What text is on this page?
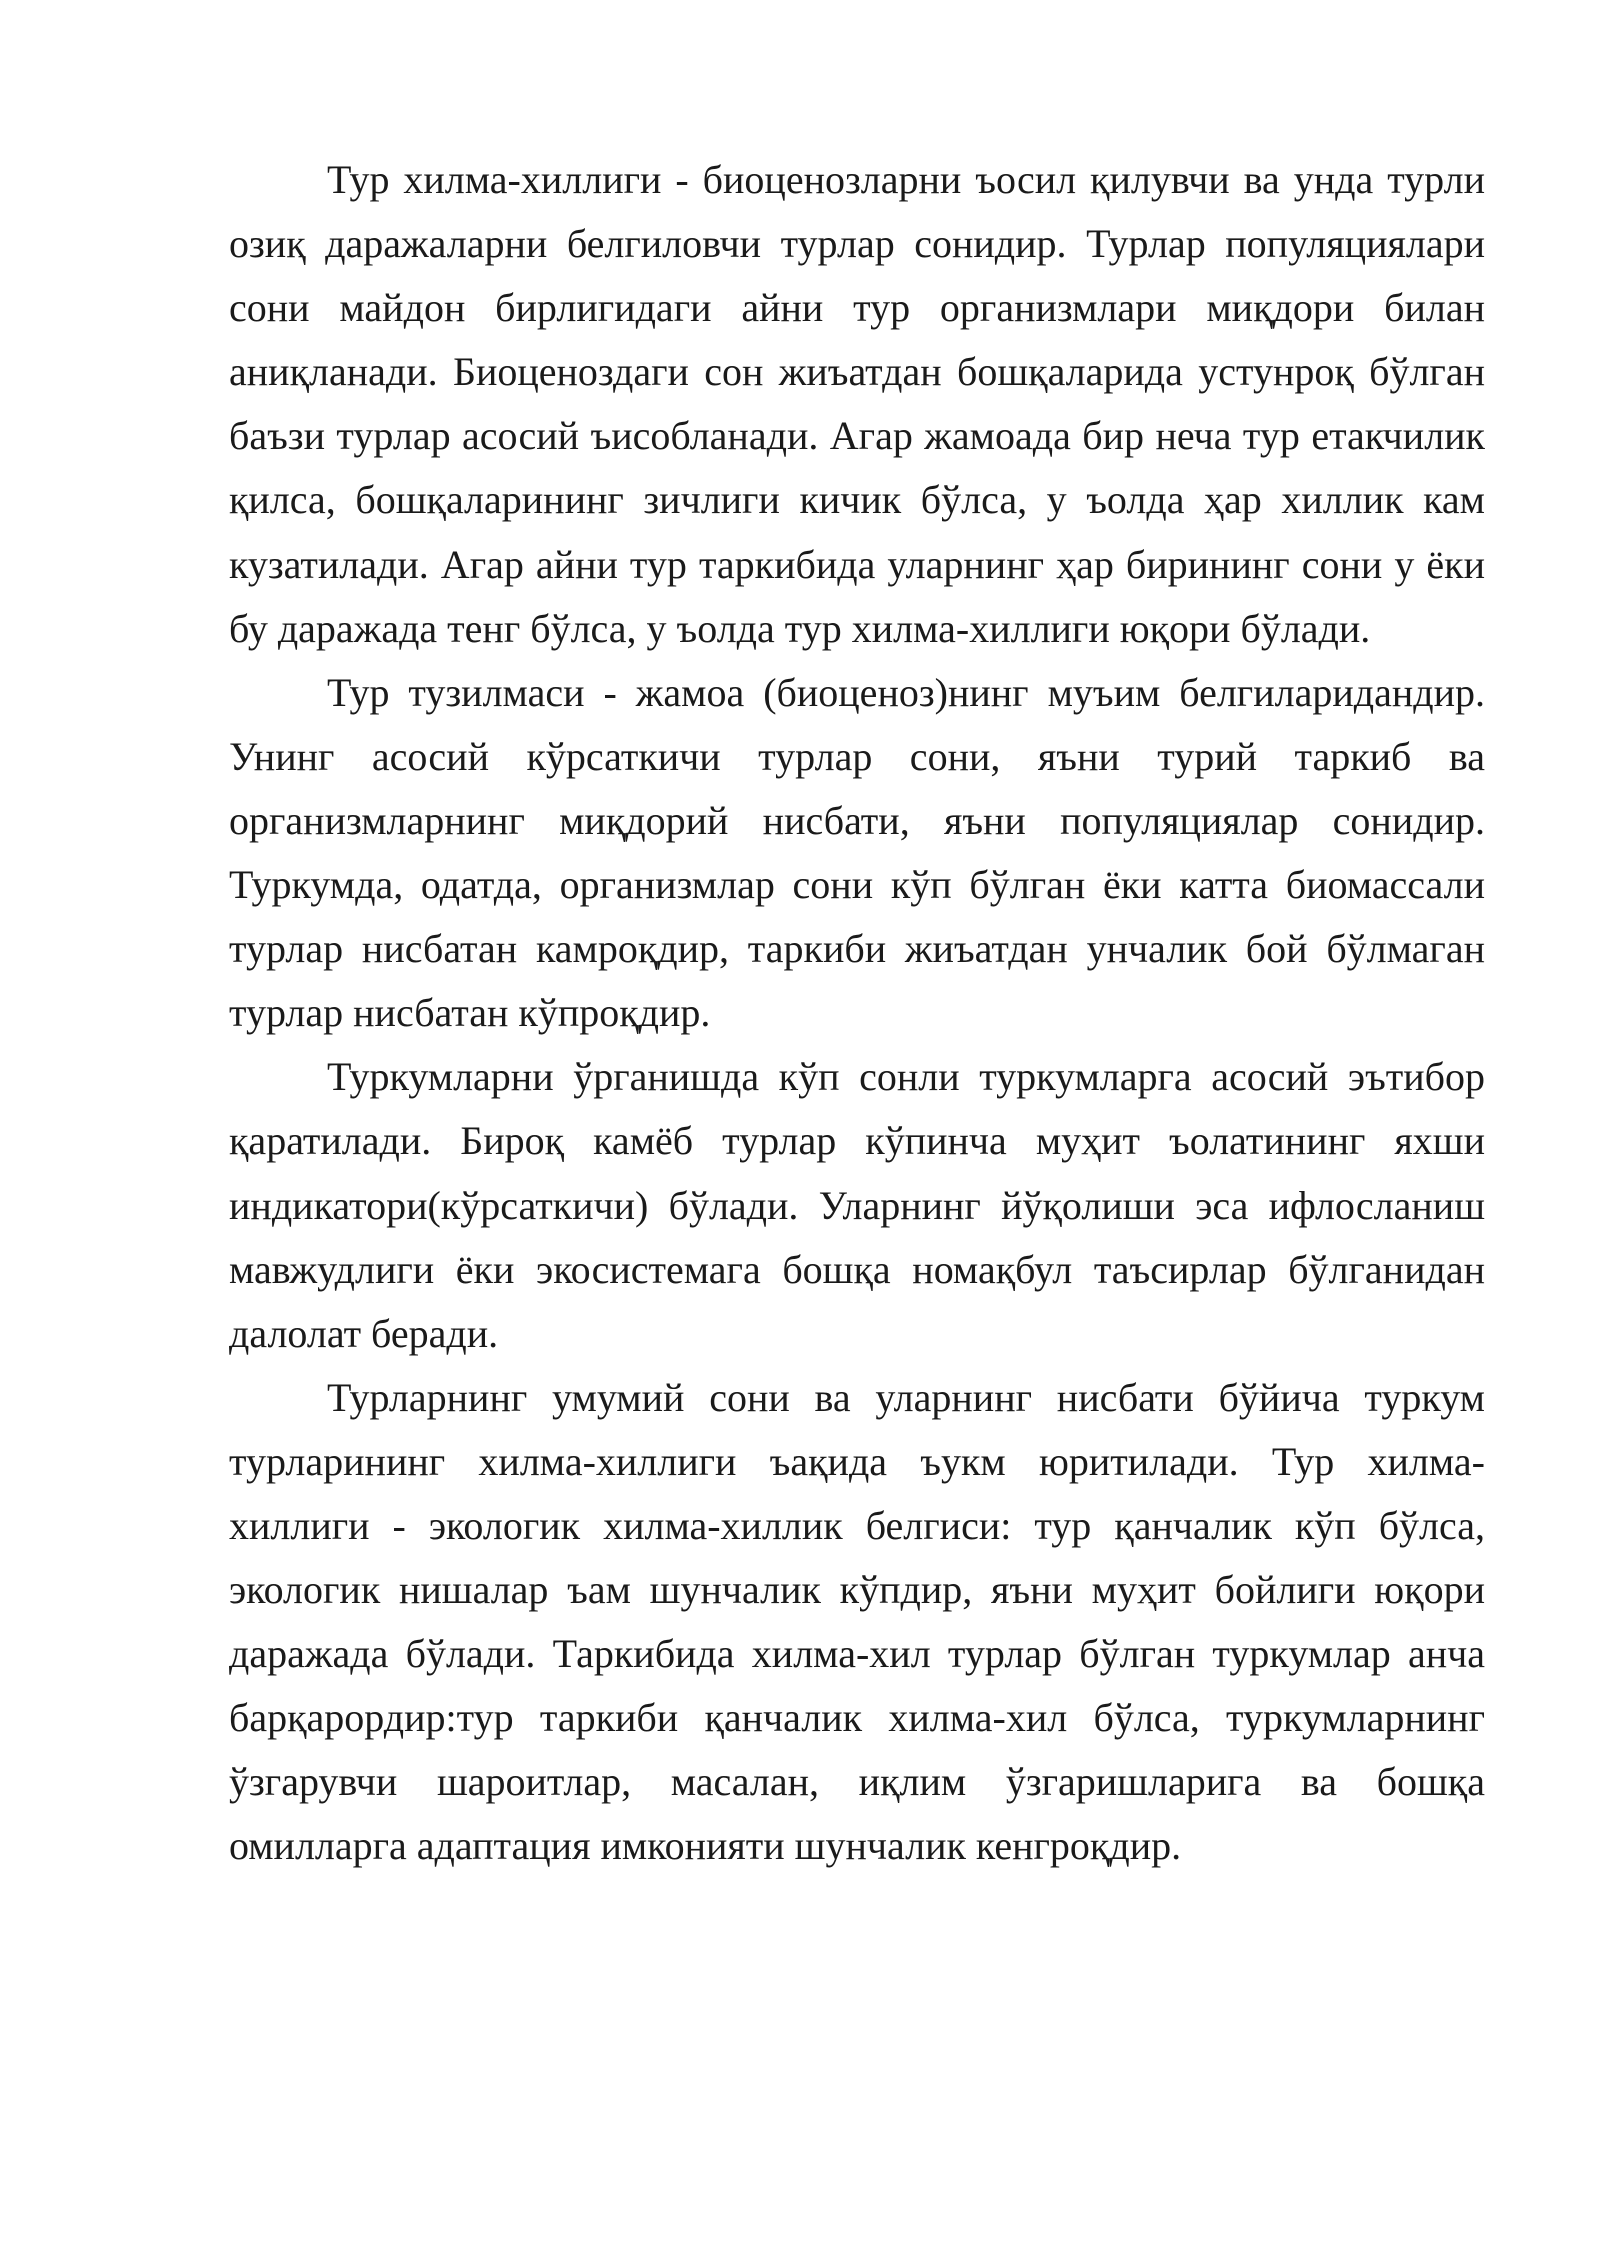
Тур хилма-хиллиги - биоценозларни ъосил қилувчи ва унда турли озиқ даражаларни белгиловчи турлар сонидир. Турлар популяциялари сони майдон бирлигидаги айни тур организмлари миқдори билан аниқланади. Биоценоздаги сон жиъатдан бошқаларида устунроқ бўлган баъзи турлар асосий ъисобланади. Агар жамоада бир неча тур етакчилик қилса, бошқаларининг зичлиги кичик бўлса, у ъолда ҳар хиллик кам кузатилади. Агар айни тур таркибида уларнинг ҳар бирининг сони у ёки бу даражада тенг бўлса, у ъолда тур хилма-хиллиги юқори бўлади.

Тур тузилмаси - жамоа (биоценоз)нинг муъим белгиларидандир. Унинг асосий кўрсаткичи турлар сони, яъни турий таркиб ва организмларнинг миқдорий нисбати, яъни популяциялар сонидир. Туркумда, одатда, организмлар сони кўп бўлган ёки катта биомассали турлар нисбатан камроқдир, таркиби жиъатдан унчалик бой бўлмаган турлар нисбатан кўпроқдир.

Туркумларни ўрганишда кўп сонли туркумларга асосий эътибор қаратилади. Бироқ камёб турлар кўпинча муҳит ъолатининг яхши индикатори(кўрсаткичи) бўлади. Уларнинг йўқолиши эса ифлосланиш мавжудлиги ёки экосистемага бошқа номақбул таъсирлар бўлганидан далолат беради.

Турларнинг умумий сони ва уларнинг нисбати бўйича туркум турларининг хилма-хиллиги ъақида ъукм юритилади. Тур хилма-хиллиги - экологик хилма-хиллик белгиси: тур қанчалик кўп бўлса, экологик нишалар ъам шунчалик кўпдир, яъни муҳит бойлиги юқори даражада бўлади. Таркибида хилма-хил турлар бўлган туркумлар анча барқарордир:тур таркиби қанчалик хилма-хил бўлса, туркумларнинг ўзгарувчи шароитлар, масалан, иқлим ўзгаришларига ва бошқа омилларга адаптация имконияти шунчалик кенгроқдир.
